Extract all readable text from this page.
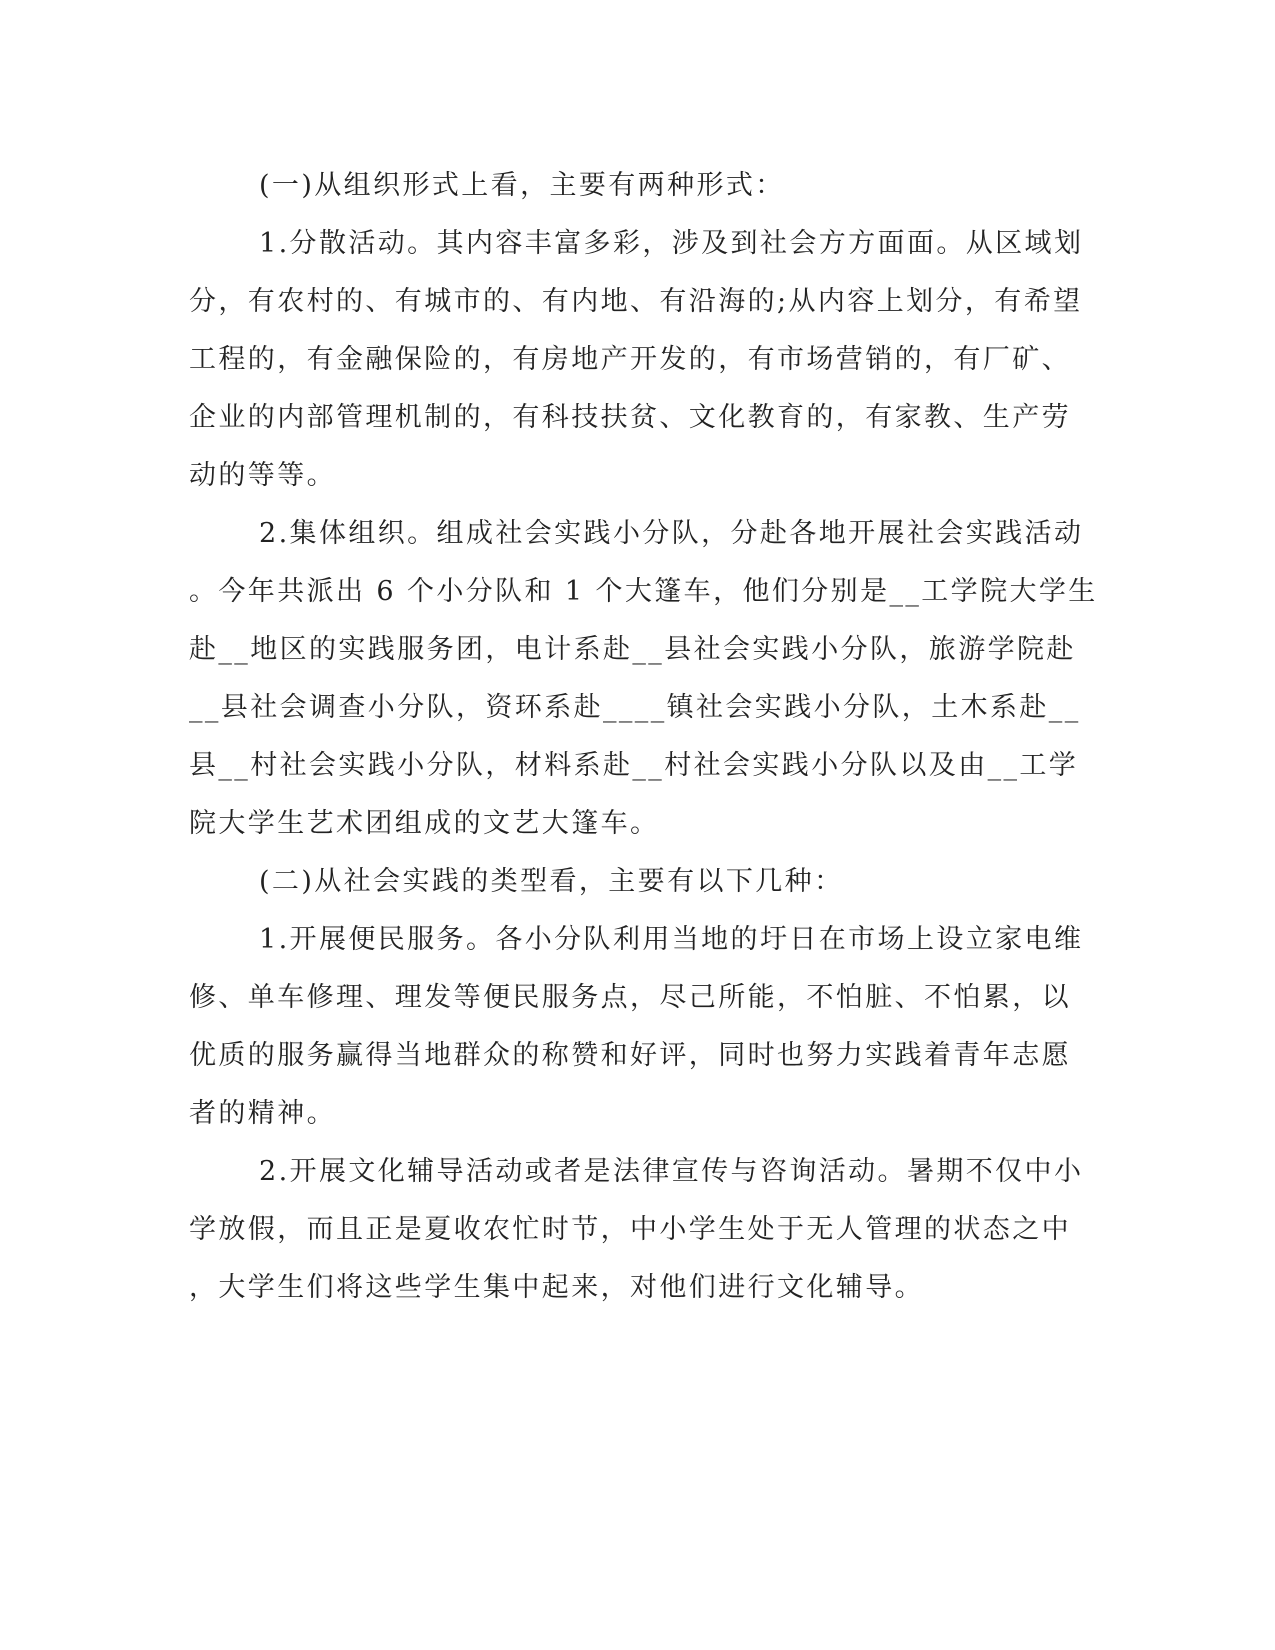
(一)从组织形式上看，主要有两种形式：
1.分散活动。其内容丰富多彩，涉及到社会方方面面。从区域划
分，有农村的、有城市的、有内地、有沿海的;从内容上划分，有希望
工程的，有金融保险的，有房地产开发的，有市场营销的，有厂矿、
企业的内部管理机制的，有科技扶贫、文化教育的，有家教、生产劳
动的等等。
2.集体组织。组成社会实践小分队，分赴各地开展社会实践活动
。今年共派出 6 个小分队和 1 个大篷车，他们分别是__工学院大学生
赴__地区的实践服务团，电计系赴__县社会实践小分队，旅游学院赴
__县社会调查小分队，资环系赴____镇社会实践小分队，土木系赴__
县__村社会实践小分队，材料系赴__村社会实践小分队以及由__工学
院大学生艺术团组成的文艺大篷车。
(二)从社会实践的类型看，主要有以下几种：
1.开展便民服务。各小分队利用当地的圩日在市场上设立家电维
修、单车修理、理发等便民服务点，尽己所能，不怕脏、不怕累，以
优质的服务赢得当地群众的称赞和好评，同时也努力实践着青年志愿
者的精神。
2.开展文化辅导活动或者是法律宣传与咨询活动。暑期不仅中小
学放假，而且正是夏收农忙时节，中小学生处于无人管理的状态之中
，大学生们将这些学生集中起来，对他们进行文化辅导。
